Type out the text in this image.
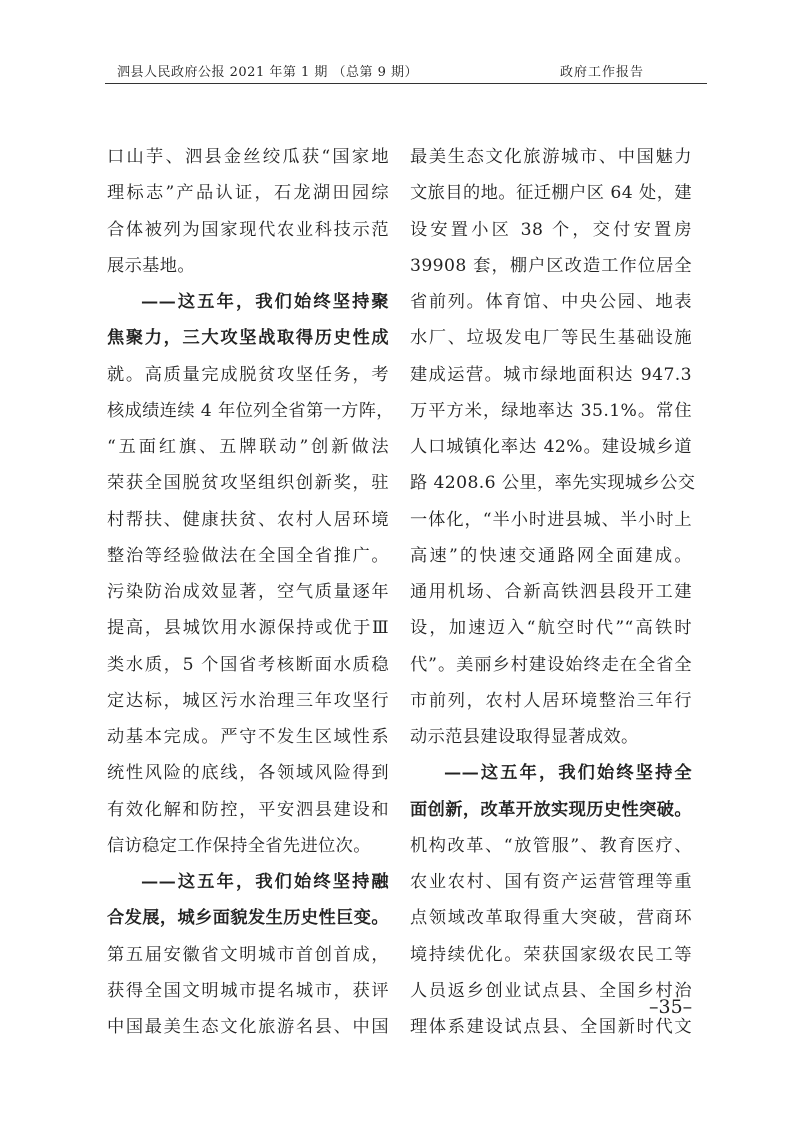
泗县人民政府公报 2021 年第 1 期 （总第 9 期）	政府工作报告
口山芋、泗县金丝绞瓜获“国家地
理标志”产品认证，石龙湖田园综
合体被列为国家现代农业科技示范
展示基地。
——这五年，我们始终坚持聚
焦聚力，三大攻坚战取得历史性成
就。高质量完成脱贫攻坚任务，考
核成绩连续 4 年位列全省第一方阵，
“五面红旗、五牌联动”创新做法
荣获全国脱贫攻坚组织创新奖，驻
村帮扶、健康扶贫、农村人居环境
整治等经验做法在全国全省推广。
污染防治成效显著，空气质量逐年
提高，县城饮用水源保持或优于Ⅲ
类水质，5 个国省考核断面水质稳
定达标，城区污水治理三年攻坚行
动基本完成。严守不发生区域性系
统性风险的底线，各领域风险得到
有效化解和防控，平安泗县建设和
信访稳定工作保持全省先进位次。
——这五年，我们始终坚持融
合发展，城乡面貌发生历史性巨变。
第五届安徽省文明城市首创首成，
获得全国文明城市提名城市，获评
中国最美生态文化旅游名县、中国
最美生态文化旅游城市、中国魅力
文旅目的地。征迁棚户区 64 处，建
设安置小区 38 个，交付安置房
39908 套，棚户区改造工作位居全
省前列。体育馆、中央公园、地表
水厂、垃圾发电厂等民生基础设施
建成运营。城市绿地面积达 947.3
万平方米，绿地率达 35.1%。常住
人口城镇化率达 42%。建设城乡道
路 4208.6 公里，率先实现城乡公交
一体化，“半小时进县城、半小时上
高速”的快速交通路网全面建成。
通用机场、合新高铁泗县段开工建
设，加速迈入“航空时代”“高铁时
代”。美丽乡村建设始终走在全省全
市前列，农村人居环境整治三年行
动示范县建设取得显著成效。
——这五年，我们始终坚持全
面创新，改革开放实现历史性突破。
机构改革、“放管服”、教育医疗、
农业农村、国有资产运营管理等重
点领域改革取得重大突破，营商环
境持续优化。荣获国家级农民工等
人员返乡创业试点县、全国乡村治
理体系建设试点县、全国新时代文
–35–
